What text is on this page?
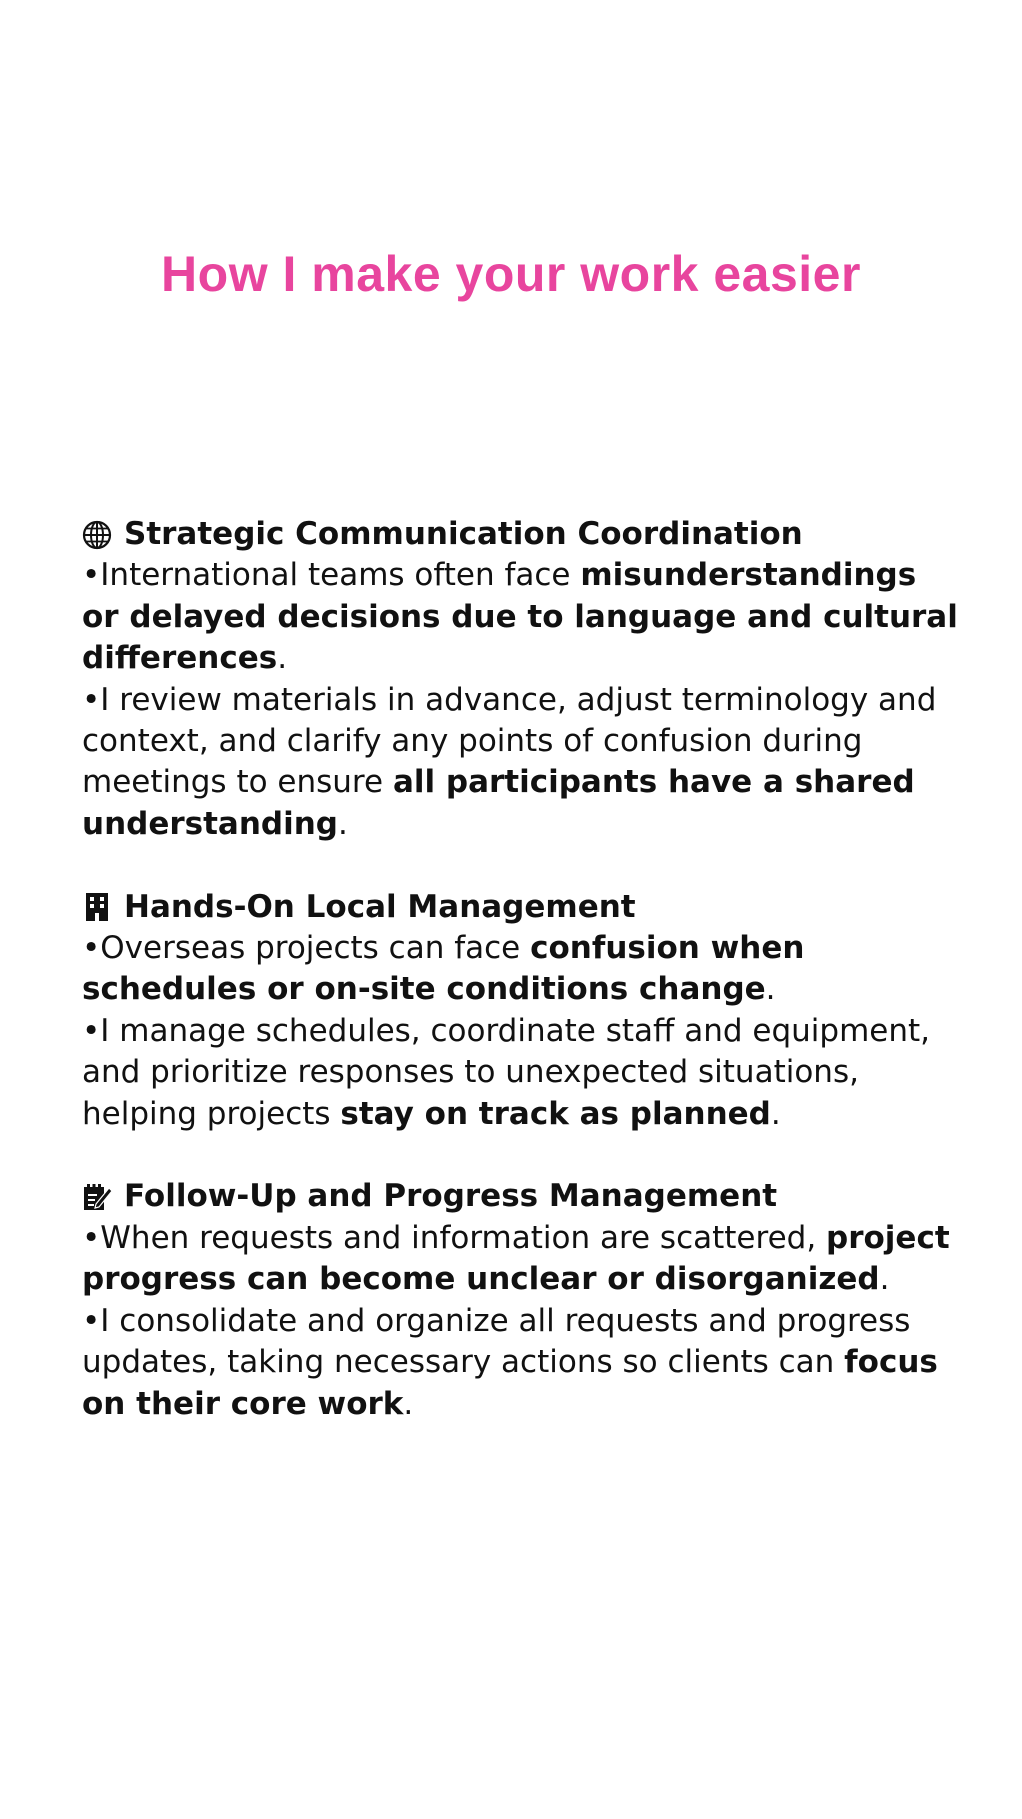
How I make your work easier
Strategic Communication Coordination

•International teams often face misunderstandings or delayed decisions due to language and cultural differences.

•I review materials in advance, adjust terminology and context, and clarify any points of confusion during meetings to ensure all participants have a shared understanding.

Hands-On Local Management

•Overseas projects can face confusion when schedules or on-site conditions change.

•I manage schedules, coordinate staff and equipment, and prioritize responses to unexpected situations, helping projects stay on track as planned.

Follow-Up and Progress Management

•When requests and information are scattered, project progress can become unclear or disorganized.

•I consolidate and organize all requests and progress updates, taking necessary actions so clients can focus on their core work.
